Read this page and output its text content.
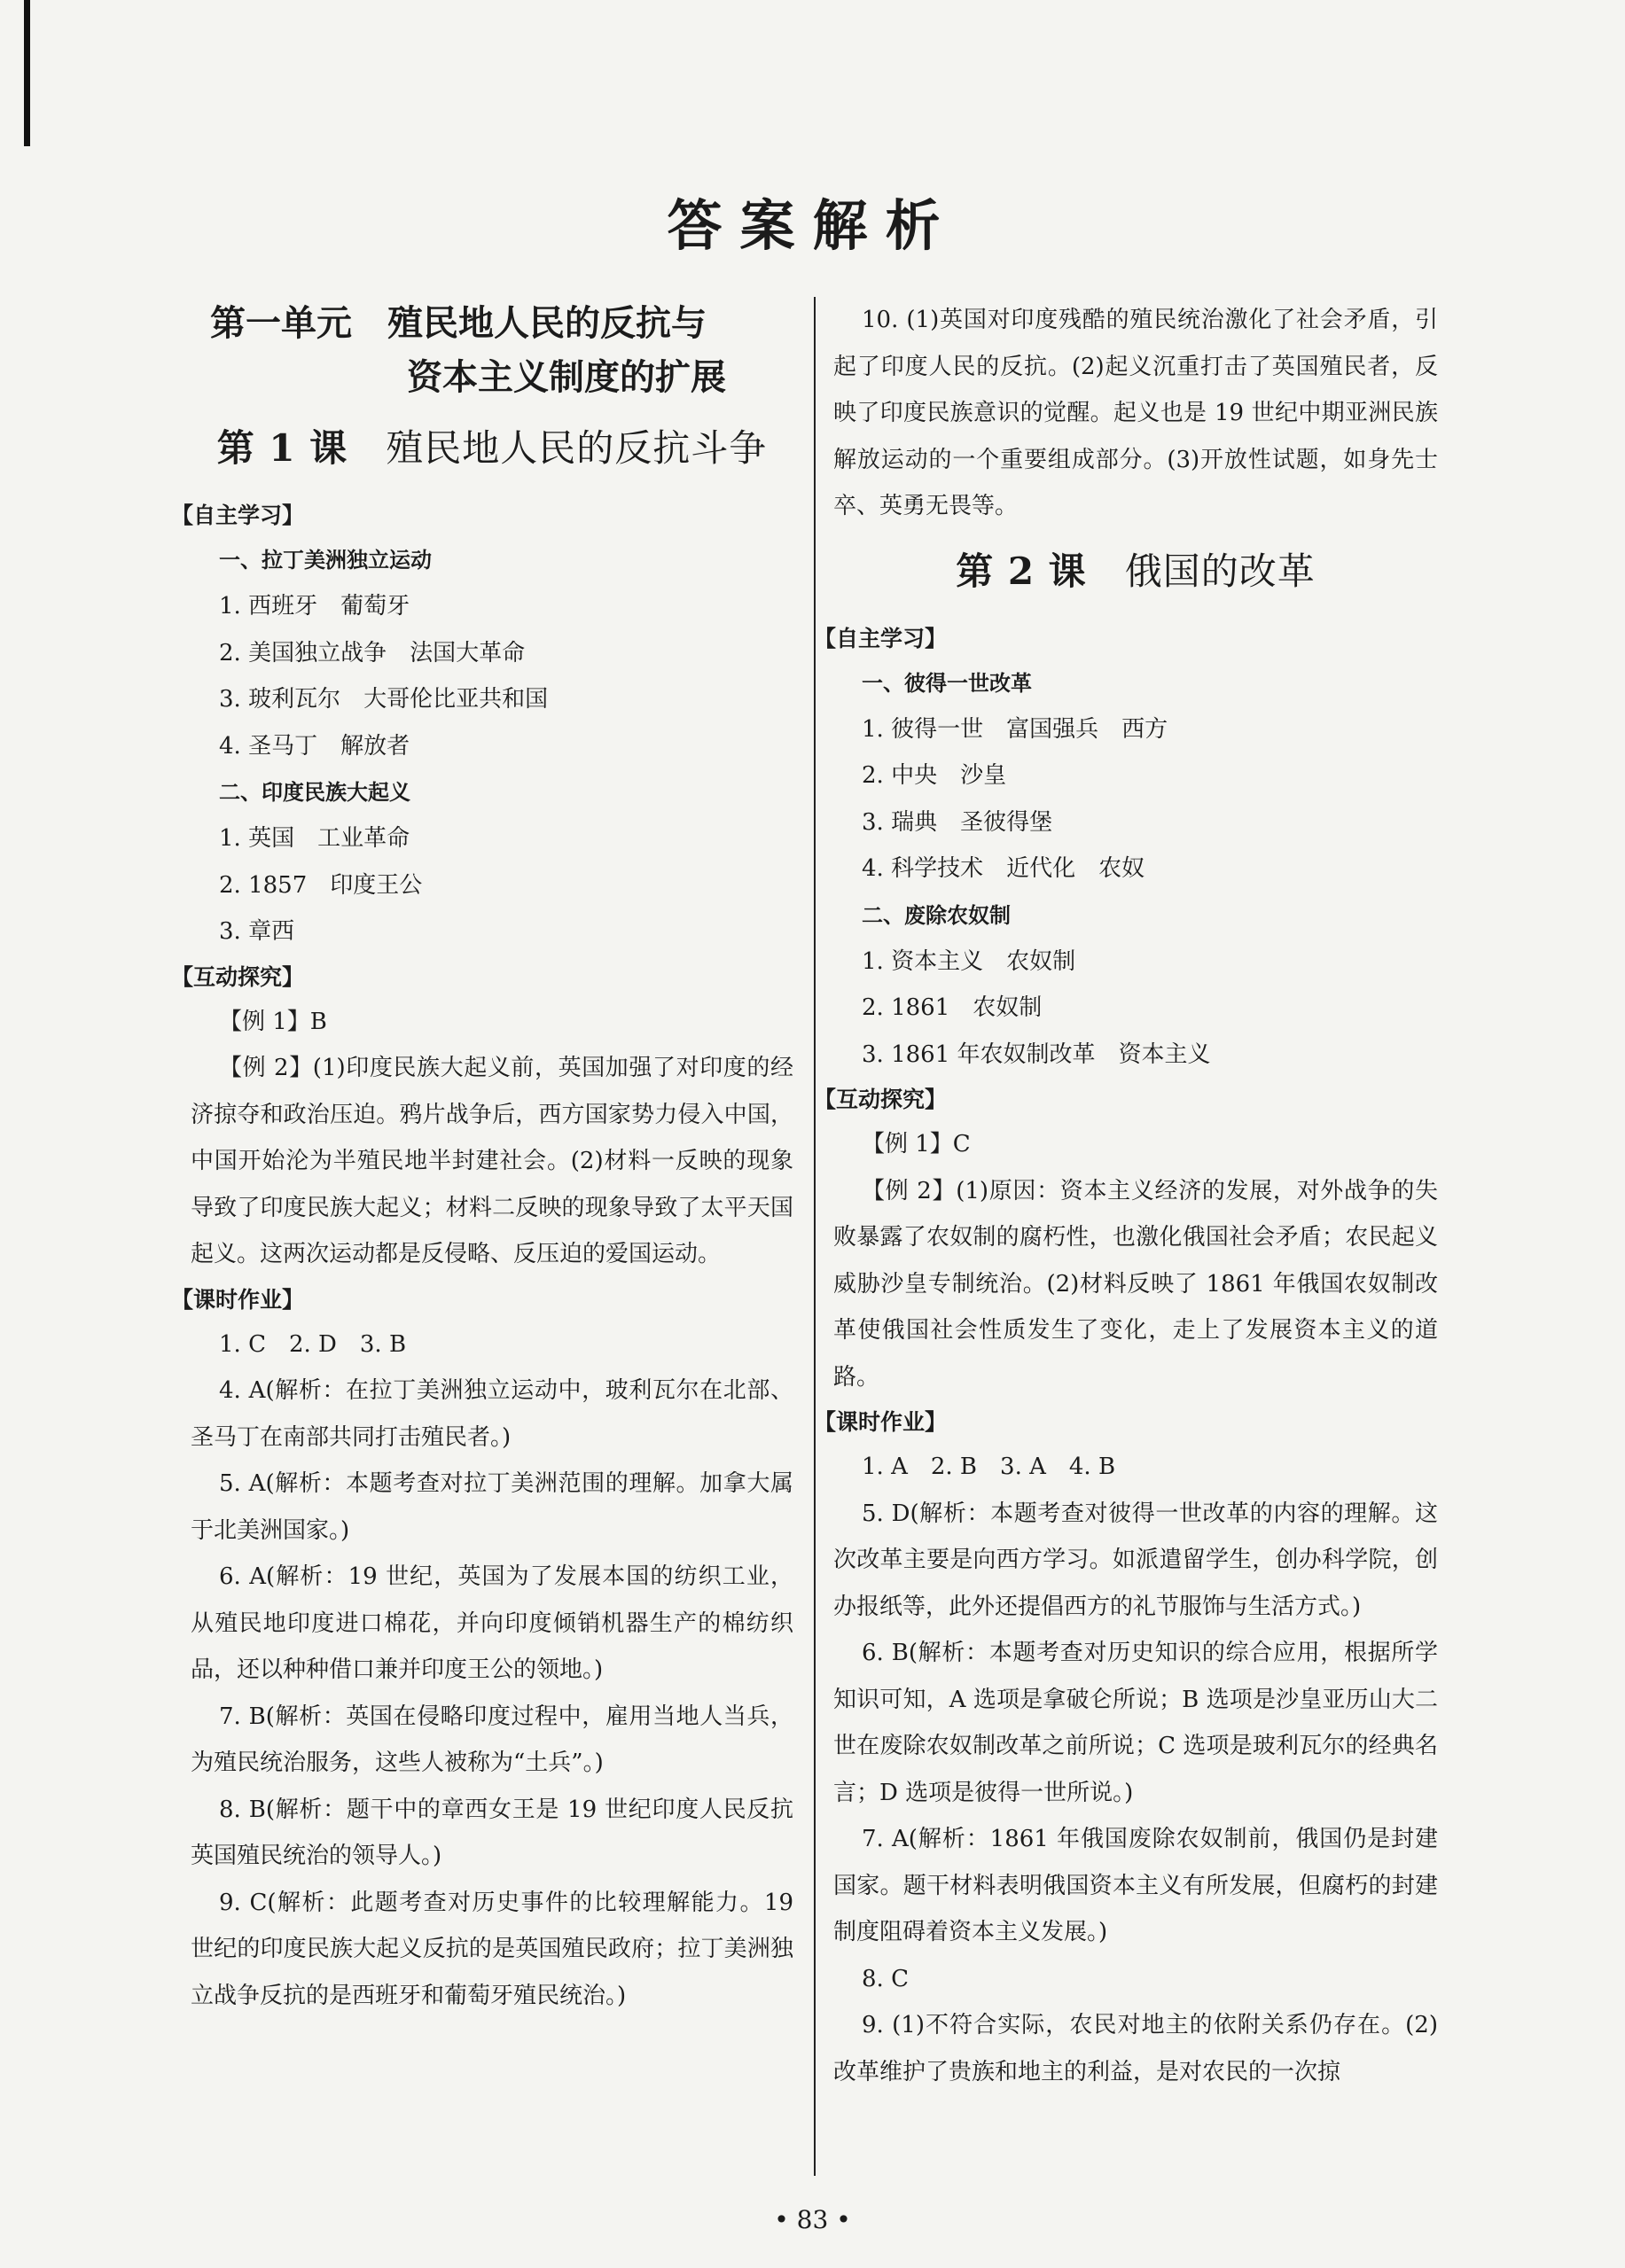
答案解析
第一单元　殖民地人民的反抗与
资本主义制度的扩展
第 1 课 殖民地人民的反抗斗争
【自主学习】
一、拉丁美洲独立运动
1. 西班牙　葡萄牙
2. 美国独立战争　法国大革命
3. 玻利瓦尔　大哥伦比亚共和国
4. 圣马丁　解放者
二、印度民族大起义
1. 英国　工业革命
2. 1857　印度王公
3. 章西
【互动探究】

【例 1】B

【例 2】(1)印度民族大起义前，英国加强了对印度的经济掠夺和政治压迫。鸦片战争后，西方国家势力侵入中国，中国开始沦为半殖民地半封建社会。(2)材料一反映的现象导致了印度民族大起义；材料二反映的现象导致了太平天国起义。这两次运动都是反侵略、反压迫的爱国运动。

【课时作业】

1. C　2. D　3. B

4. A(解析：在拉丁美洲独立运动中，玻利瓦尔在北部、圣马丁在南部共同打击殖民者。)

5. A(解析：本题考查对拉丁美洲范围的理解。加拿大属于北美洲国家。)

6. A(解析：19 世纪，英国为了发展本国的纺织工业，从殖民地印度进口棉花，并向印度倾销机器生产的棉纺织品，还以种种借口兼并印度王公的领地。)

7. B(解析：英国在侵略印度过程中，雇用当地人当兵，为殖民统治服务，这些人被称为“土兵”。)

8. B(解析：题干中的章西女王是 19 世纪印度人民反抗英国殖民统治的领导人。)

9. C(解析：此题考查对历史事件的比较理解能力。19 世纪的印度民族大起义反抗的是英国殖民政府；拉丁美洲独立战争反抗的是西班牙和葡萄牙殖民统治。)

10. (1)英国对印度残酷的殖民统治激化了社会矛盾，引起了印度人民的反抗。(2)起义沉重打击了英国殖民者，反映了印度民族意识的觉醒。起义也是 19 世纪中期亚洲民族解放运动的一个重要组成部分。(3)开放性试题，如身先士卒、英勇无畏等。

第 2 课 俄国的改革
【自主学习】
一、彼得一世改革
1. 彼得一世　富国强兵　西方
2. 中央　沙皇
3. 瑞典　圣彼得堡
4. 科学技术　近代化　农奴
二、废除农奴制
1. 资本主义　农奴制
2. 1861　农奴制
3. 1861 年农奴制改革　资本主义
【互动探究】

【例 1】C

【例 2】(1)原因：资本主义经济的发展，对外战争的失败暴露了农奴制的腐朽性，也激化俄国社会矛盾；农民起义威胁沙皇专制统治。(2)材料反映了 1861 年俄国农奴制改革使俄国社会性质发生了变化，走上了发展资本主义的道路。

【课时作业】

1. A　2. B　3. A　4. B

5. D(解析：本题考查对彼得一世改革的内容的理解。这次改革主要是向西方学习。如派遣留学生，创办科学院，创办报纸等，此外还提倡西方的礼节服饰与生活方式。)

6. B(解析：本题考查对历史知识的综合应用，根据所学知识可知，A 选项是拿破仑所说；B 选项是沙皇亚历山大二世在废除农奴制改革之前所说；C 选项是玻利瓦尔的经典名言；D 选项是彼得一世所说。)

7. A(解析：1861 年俄国废除农奴制前，俄国仍是封建国家。题干材料表明俄国资本主义有所发展，但腐朽的封建制度阻碍着资本主义发展。)

8. C

9. (1)不符合实际，农民对地主的依附关系仍存在。(2)改革维护了贵族和地主的利益，是对农民的一次掠

• 83 •
